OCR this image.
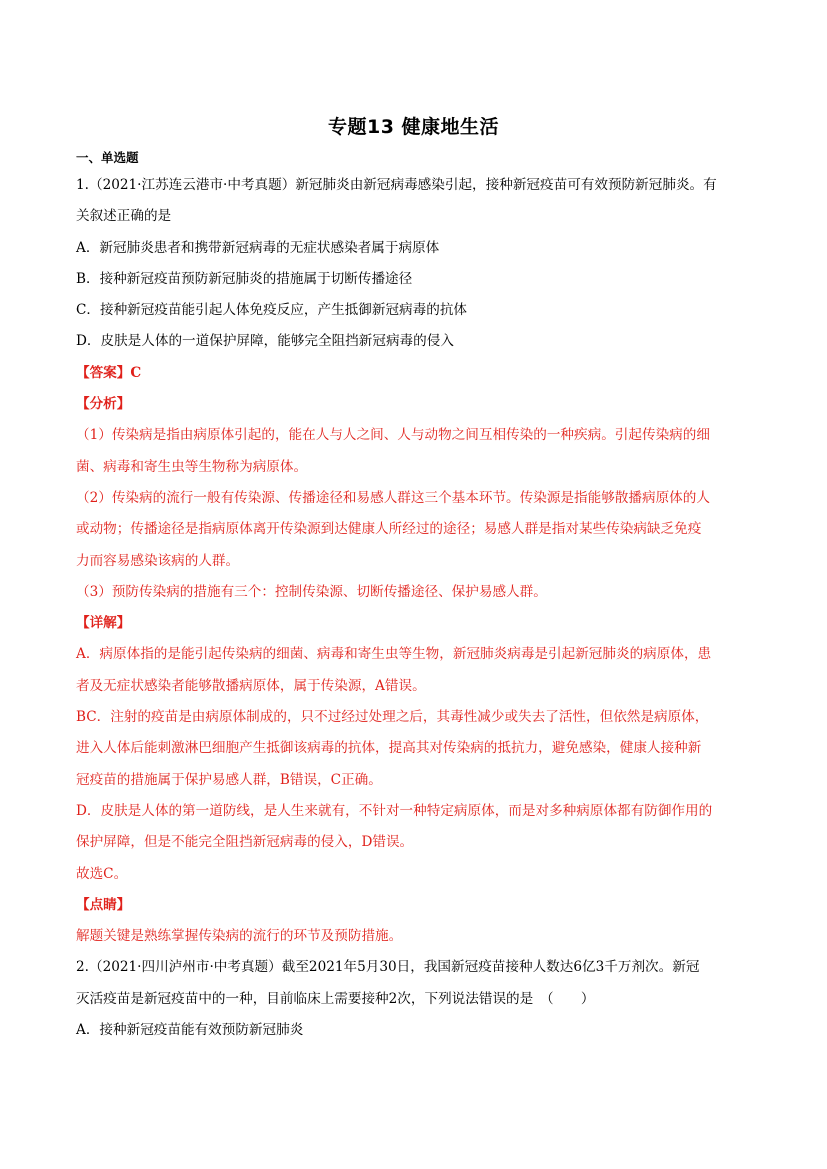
专题13 健康地生活
一、单选题

1.（2021·江苏连云港市·中考真题）新冠肺炎由新冠病毒感染引起，接种新冠疫苗可有效预防新冠肺炎。有

关叙述正确的是

A．新冠肺炎患者和携带新冠病毒的无症状感染者属于病原体

B．接种新冠疫苗预防新冠肺炎的措施属于切断传播途径

C．接种新冠疫苗能引起人体免疫反应，产生抵御新冠病毒的抗体

D．皮肤是人体的一道保护屏障，能够完全阻挡新冠病毒的侵入

【答案】C

【分析】

（1）传染病是指由病原体引起的，能在人与人之间、人与动物之间互相传染的一种疾病。引起传染病的细

菌、病毒和寄生虫等生物称为病原体。

（2）传染病的流行一般有传染源、传播途径和易感人群这三个基本环节。传染源是指能够散播病原体的人

或动物；传播途径是指病原体离开传染源到达健康人所经过的途径；易感人群是指对某些传染病缺乏免疫

力而容易感染该病的人群。

（3）预防传染病的措施有三个：控制传染源、切断传播途径、保护易感人群。

【详解】

A．病原体指的是能引起传染病的细菌、病毒和寄生虫等生物，新冠肺炎病毒是引起新冠肺炎的病原体，患

者及无症状感染者能够散播病原体，属于传染源，A错误。

BC．注射的疫苗是由病原体制成的，只不过经过处理之后，其毒性减少或失去了活性，但依然是病原体，

进入人体后能刺激淋巴细胞产生抵御该病毒的抗体，提高其对传染病的抵抗力，避免感染，健康人接种新

冠疫苗的措施属于保护易感人群，B错误，C正确。

D．皮肤是人体的第一道防线，是人生来就有，不针对一种特定病原体，而是对多种病原体都有防御作用的

保护屏障，但是不能完全阻挡新冠病毒的侵入，D错误。

故选C。

【点睛】

解题关键是熟练掌握传染病的流行的环节及预防措施。

2.（2021·四川泸州市·中考真题）截至2021年5月30日，我国新冠疫苗接种人数达6亿3千万剂次。新冠

灭活疫苗是新冠疫苗中的一种，目前临床上需要接种2次，下列说法错误的是　（　　）

A．接种新冠疫苗能有效预防新冠肺炎
